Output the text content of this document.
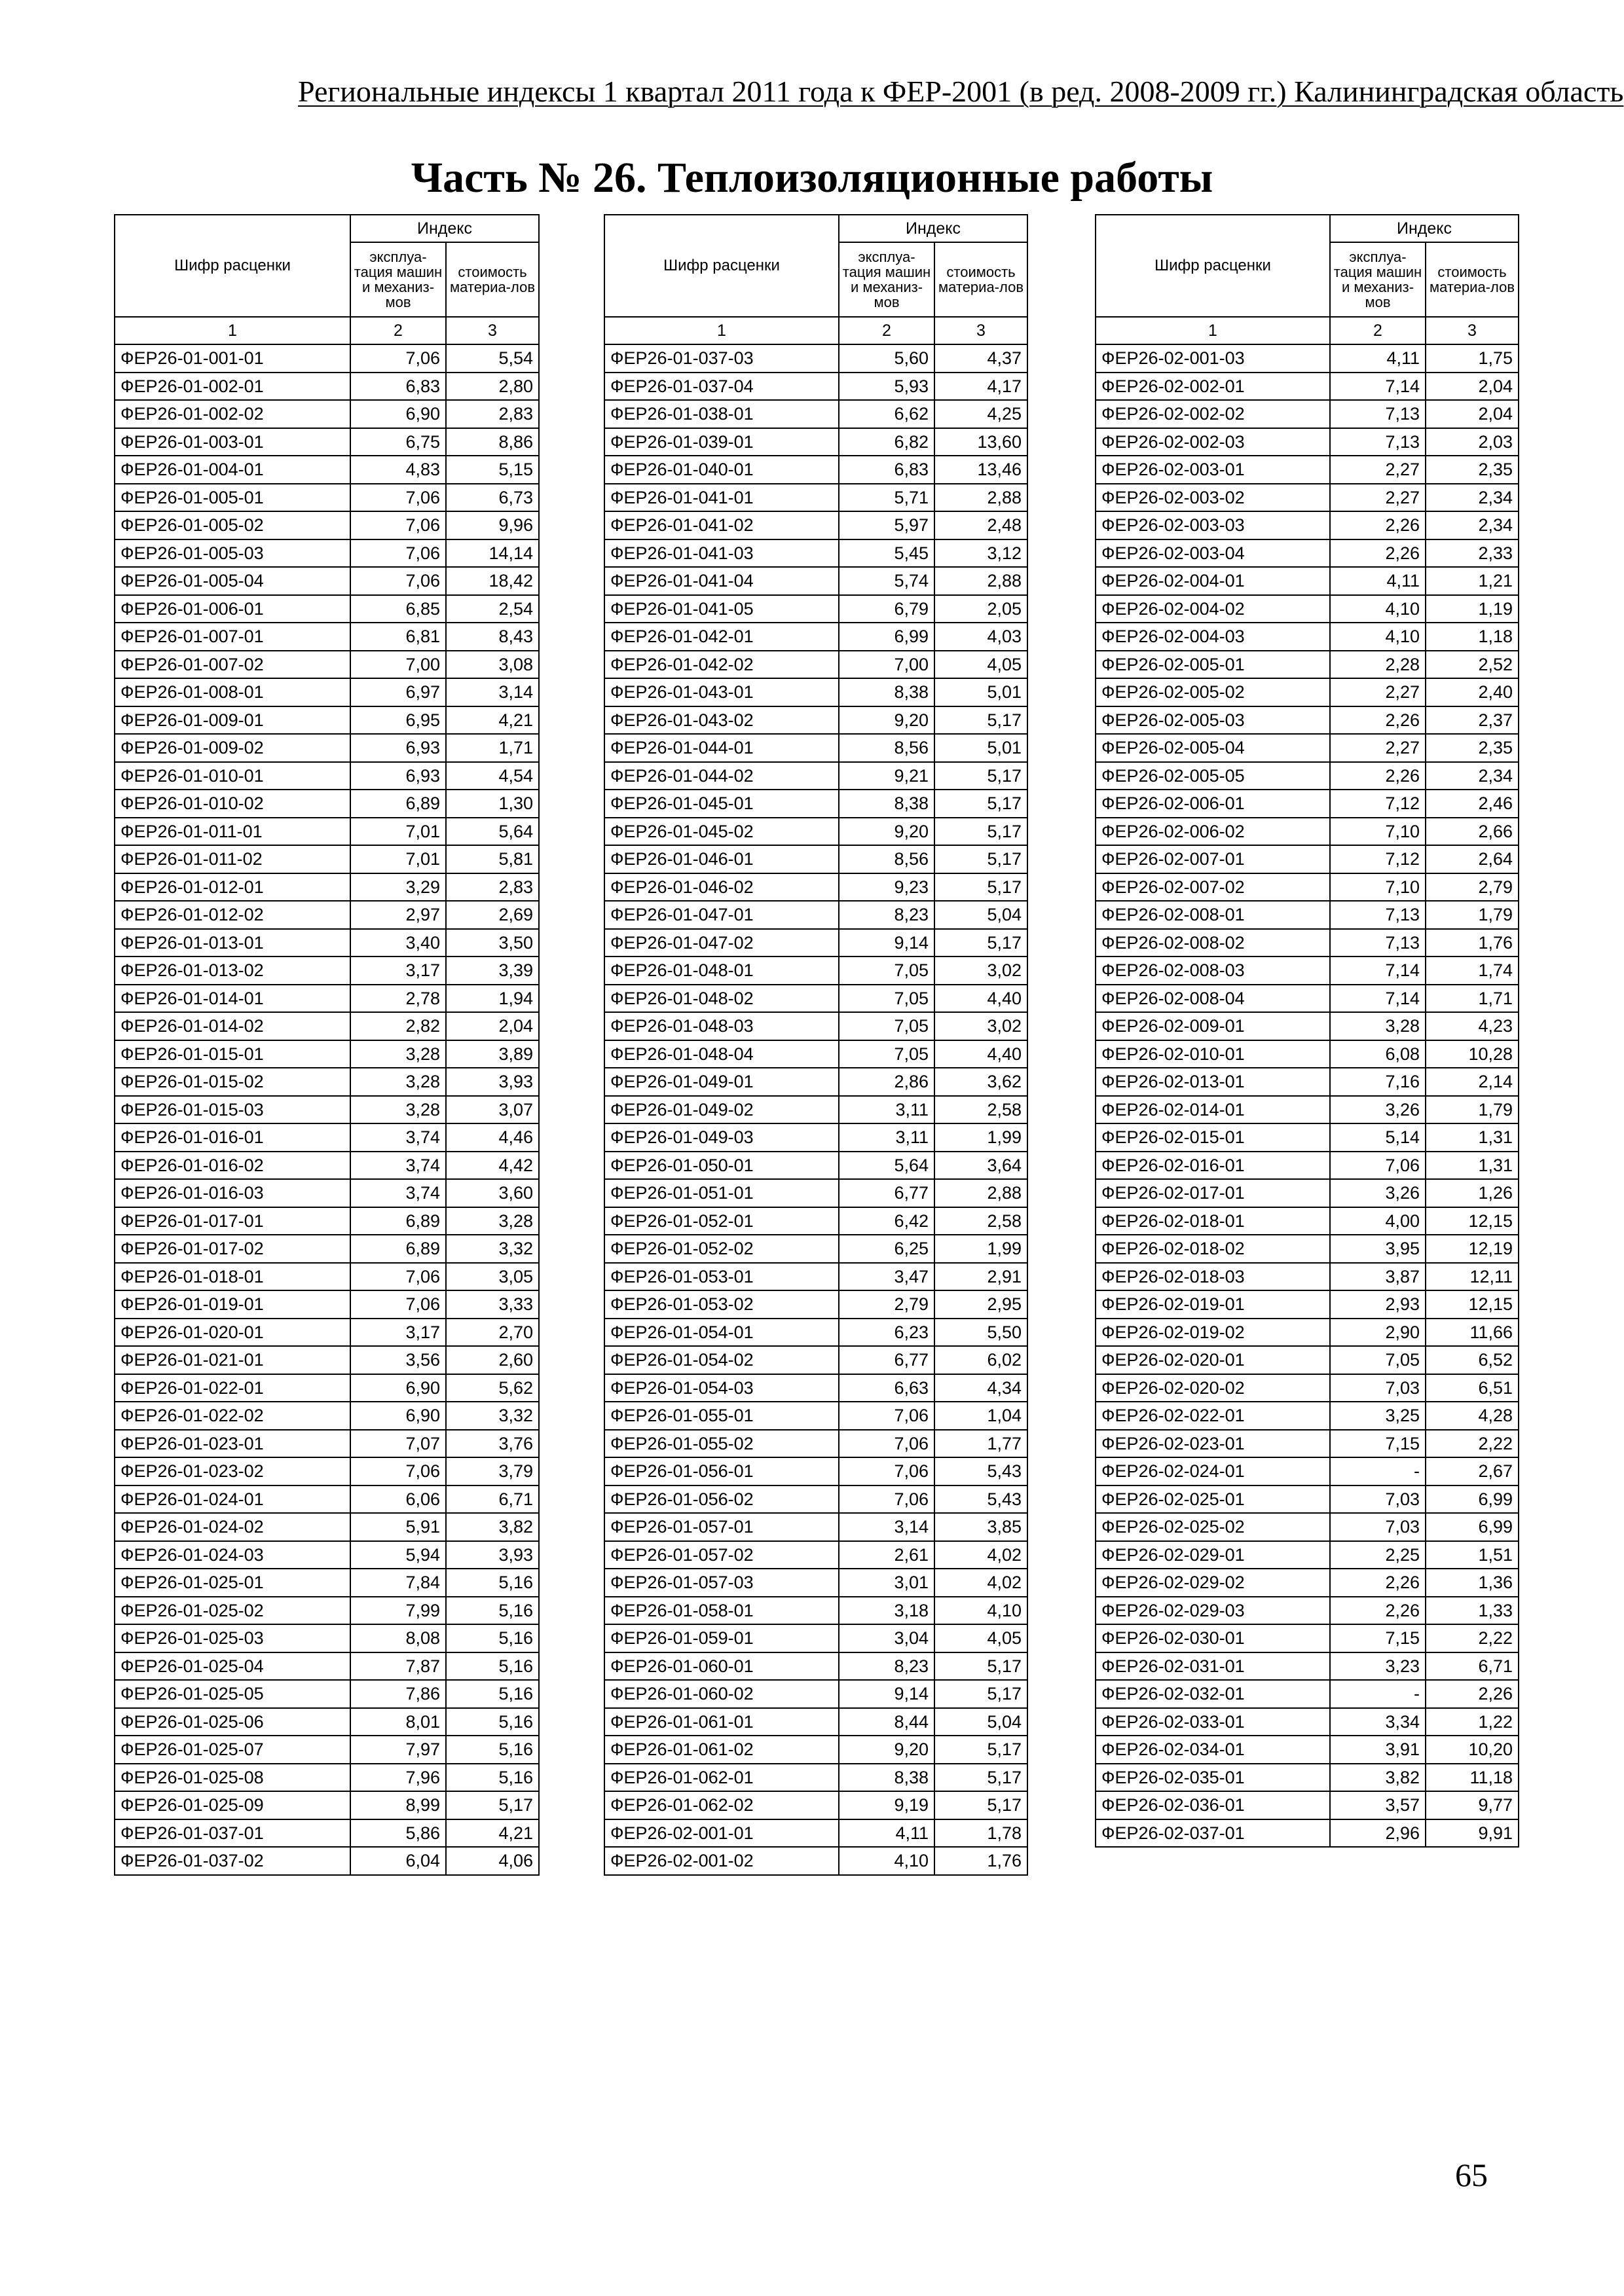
Региональные индексы 1 квартал 2011 года к ФЕР-2001 (в ред. 2008-2009 гг.) Калининградская область
Часть № 26. Теплоизоляционные работы
Шифр расценки	Индекс	
	эксплуа-тация машин и механиз-мов	стоимость материа-лов
1	2	3
ФЕР26-01-001-01	7,06	5,54
ФЕР26-01-002-01	6,83	2,80
ФЕР26-01-002-02	6,90	2,83
ФЕР26-01-003-01	6,75	8,86
ФЕР26-01-004-01	4,83	5,15
ФЕР26-01-005-01	7,06	6,73
ФЕР26-01-005-02	7,06	9,96
ФЕР26-01-005-03	7,06	14,14
ФЕР26-01-005-04	7,06	18,42
ФЕР26-01-006-01	6,85	2,54
ФЕР26-01-007-01	6,81	8,43
ФЕР26-01-007-02	7,00	3,08
ФЕР26-01-008-01	6,97	3,14
ФЕР26-01-009-01	6,95	4,21
ФЕР26-01-009-02	6,93	1,71
ФЕР26-01-010-01	6,93	4,54
ФЕР26-01-010-02	6,89	1,30
ФЕР26-01-011-01	7,01	5,64
ФЕР26-01-011-02	7,01	5,81
ФЕР26-01-012-01	3,29	2,83
ФЕР26-01-012-02	2,97	2,69
ФЕР26-01-013-01	3,40	3,50
ФЕР26-01-013-02	3,17	3,39
ФЕР26-01-014-01	2,78	1,94
ФЕР26-01-014-02	2,82	2,04
ФЕР26-01-015-01	3,28	3,89
ФЕР26-01-015-02	3,28	3,93
ФЕР26-01-015-03	3,28	3,07
ФЕР26-01-016-01	3,74	4,46
ФЕР26-01-016-02	3,74	4,42
ФЕР26-01-016-03	3,74	3,60
ФЕР26-01-017-01	6,89	3,28
ФЕР26-01-017-02	6,89	3,32
ФЕР26-01-018-01	7,06	3,05
ФЕР26-01-019-01	7,06	3,33
ФЕР26-01-020-01	3,17	2,70
ФЕР26-01-021-01	3,56	2,60
ФЕР26-01-022-01	6,90	5,62
ФЕР26-01-022-02	6,90	3,32
ФЕР26-01-023-01	7,07	3,76
ФЕР26-01-023-02	7,06	3,79
ФЕР26-01-024-01	6,06	6,71
ФЕР26-01-024-02	5,91	3,82
ФЕР26-01-024-03	5,94	3,93
ФЕР26-01-025-01	7,84	5,16
ФЕР26-01-025-02	7,99	5,16
ФЕР26-01-025-03	8,08	5,16
ФЕР26-01-025-04	7,87	5,16
ФЕР26-01-025-05	7,86	5,16
ФЕР26-01-025-06	8,01	5,16
ФЕР26-01-025-07	7,97	5,16
ФЕР26-01-025-08	7,96	5,16
ФЕР26-01-025-09	8,99	5,17
ФЕР26-01-037-01	5,86	4,21
ФЕР26-01-037-02	6,04	4,06
Шифр расценки	Индекс	
	эксплуа-тация машин и механиз-мов	стоимость материа-лов
1	2	3
ФЕР26-01-037-03	5,60	4,37
ФЕР26-01-037-04	5,93	4,17
ФЕР26-01-038-01	6,62	4,25
ФЕР26-01-039-01	6,82	13,60
ФЕР26-01-040-01	6,83	13,46
ФЕР26-01-041-01	5,71	2,88
ФЕР26-01-041-02	5,97	2,48
ФЕР26-01-041-03	5,45	3,12
ФЕР26-01-041-04	5,74	2,88
ФЕР26-01-041-05	6,79	2,05
ФЕР26-01-042-01	6,99	4,03
ФЕР26-01-042-02	7,00	4,05
ФЕР26-01-043-01	8,38	5,01
ФЕР26-01-043-02	9,20	5,17
ФЕР26-01-044-01	8,56	5,01
ФЕР26-01-044-02	9,21	5,17
ФЕР26-01-045-01	8,38	5,17
ФЕР26-01-045-02	9,20	5,17
ФЕР26-01-046-01	8,56	5,17
ФЕР26-01-046-02	9,23	5,17
ФЕР26-01-047-01	8,23	5,04
ФЕР26-01-047-02	9,14	5,17
ФЕР26-01-048-01	7,05	3,02
ФЕР26-01-048-02	7,05	4,40
ФЕР26-01-048-03	7,05	3,02
ФЕР26-01-048-04	7,05	4,40
ФЕР26-01-049-01	2,86	3,62
ФЕР26-01-049-02	3,11	2,58
ФЕР26-01-049-03	3,11	1,99
ФЕР26-01-050-01	5,64	3,64
ФЕР26-01-051-01	6,77	2,88
ФЕР26-01-052-01	6,42	2,58
ФЕР26-01-052-02	6,25	1,99
ФЕР26-01-053-01	3,47	2,91
ФЕР26-01-053-02	2,79	2,95
ФЕР26-01-054-01	6,23	5,50
ФЕР26-01-054-02	6,77	6,02
ФЕР26-01-054-03	6,63	4,34
ФЕР26-01-055-01	7,06	1,04
ФЕР26-01-055-02	7,06	1,77
ФЕР26-01-056-01	7,06	5,43
ФЕР26-01-056-02	7,06	5,43
ФЕР26-01-057-01	3,14	3,85
ФЕР26-01-057-02	2,61	4,02
ФЕР26-01-057-03	3,01	4,02
ФЕР26-01-058-01	3,18	4,10
ФЕР26-01-059-01	3,04	4,05
ФЕР26-01-060-01	8,23	5,17
ФЕР26-01-060-02	9,14	5,17
ФЕР26-01-061-01	8,44	5,04
ФЕР26-01-061-02	9,20	5,17
ФЕР26-01-062-01	8,38	5,17
ФЕР26-01-062-02	9,19	5,17
ФЕР26-02-001-01	4,11	1,78
ФЕР26-02-001-02	4,10	1,76
Шифр расценки	Индекс	
	эксплуа-тация машин и механиз-мов	стоимость материа-лов
1	2	3
ФЕР26-02-001-03	4,11	1,75
ФЕР26-02-002-01	7,14	2,04
ФЕР26-02-002-02	7,13	2,04
ФЕР26-02-002-03	7,13	2,03
ФЕР26-02-003-01	2,27	2,35
ФЕР26-02-003-02	2,27	2,34
ФЕР26-02-003-03	2,26	2,34
ФЕР26-02-003-04	2,26	2,33
ФЕР26-02-004-01	4,11	1,21
ФЕР26-02-004-02	4,10	1,19
ФЕР26-02-004-03	4,10	1,18
ФЕР26-02-005-01	2,28	2,52
ФЕР26-02-005-02	2,27	2,40
ФЕР26-02-005-03	2,26	2,37
ФЕР26-02-005-04	2,27	2,35
ФЕР26-02-005-05	2,26	2,34
ФЕР26-02-006-01	7,12	2,46
ФЕР26-02-006-02	7,10	2,66
ФЕР26-02-007-01	7,12	2,64
ФЕР26-02-007-02	7,10	2,79
ФЕР26-02-008-01	7,13	1,79
ФЕР26-02-008-02	7,13	1,76
ФЕР26-02-008-03	7,14	1,74
ФЕР26-02-008-04	7,14	1,71
ФЕР26-02-009-01	3,28	4,23
ФЕР26-02-010-01	6,08	10,28
ФЕР26-02-013-01	7,16	2,14
ФЕР26-02-014-01	3,26	1,79
ФЕР26-02-015-01	5,14	1,31
ФЕР26-02-016-01	7,06	1,31
ФЕР26-02-017-01	3,26	1,26
ФЕР26-02-018-01	4,00	12,15
ФЕР26-02-018-02	3,95	12,19
ФЕР26-02-018-03	3,87	12,11
ФЕР26-02-019-01	2,93	12,15
ФЕР26-02-019-02	2,90	11,66
ФЕР26-02-020-01	7,05	6,52
ФЕР26-02-020-02	7,03	6,51
ФЕР26-02-022-01	3,25	4,28
ФЕР26-02-023-01	7,15	2,22
ФЕР26-02-024-01	-	2,67
ФЕР26-02-025-01	7,03	6,99
ФЕР26-02-025-02	7,03	6,99
ФЕР26-02-029-01	2,25	1,51
ФЕР26-02-029-02	2,26	1,36
ФЕР26-02-029-03	2,26	1,33
ФЕР26-02-030-01	7,15	2,22
ФЕР26-02-031-01	3,23	6,71
ФЕР26-02-032-01	-	2,26
ФЕР26-02-033-01	3,34	1,22
ФЕР26-02-034-01	3,91	10,20
ФЕР26-02-035-01	3,82	11,18
ФЕР26-02-036-01	3,57	9,77
ФЕР26-02-037-01	2,96	9,91
65
